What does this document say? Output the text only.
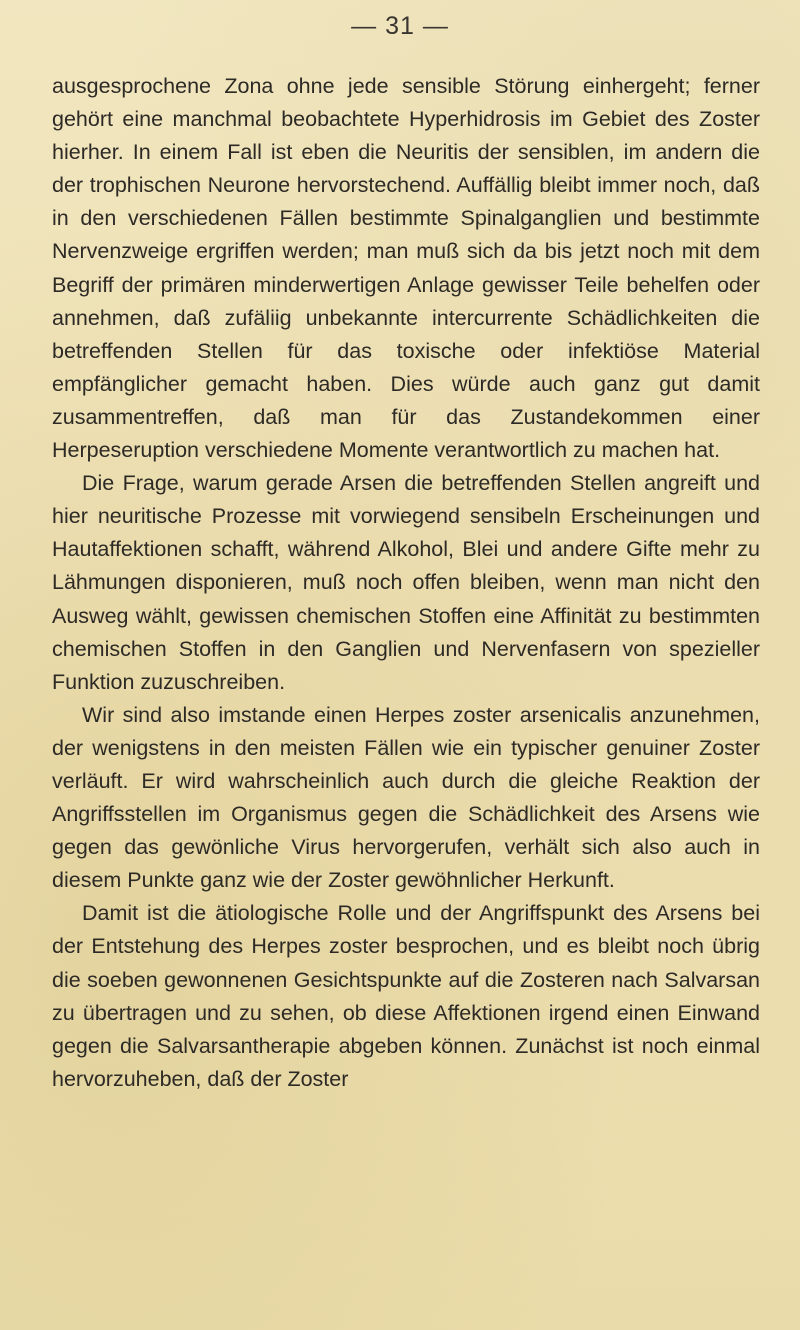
— 31 —

ausgesprochene Zona ohne jede sensible Störung einhergeht; ferner gehört eine manchmal beobachtete Hyperhidrosis im Gebiet des Zoster hierher. In einem Fall ist eben die Neuritis der sensiblen, im andern die der trophischen Neurone hervorstechend. Auffällig bleibt immer noch, daß in den verschiedenen Fällen bestimmte Spinalganglien und bestimmte Nervenzweige ergriffen werden; man muß sich da bis jetzt noch mit dem Begriff der primären minderwertigen Anlage gewisser Teile behelfen oder annehmen, daß zufäliig unbekannte intercurrente Schädlichkeiten die betreffenden Stellen für das toxische oder infektiöse Material empfänglicher gemacht haben. Dies würde auch ganz gut damit zusammentreffen, daß man für das Zustandekommen einer Herpeseruption verschiedene Momente verantwortlich zu machen hat.

Die Frage, warum gerade Arsen die betreffenden Stellen angreift und hier neuritische Prozesse mit vorwiegend sensibeln Erscheinungen und Hautaffektionen schafft, während Alkohol, Blei und andere Gifte mehr zu Lähmungen disponieren, muß noch offen bleiben, wenn man nicht den Ausweg wählt, gewissen chemischen Stoffen eine Affinität zu bestimmten chemischen Stoffen in den Ganglien und Nervenfasern von spezieller Funktion zuzuschreiben.

Wir sind also imstande einen Herpes zoster arsenicalis anzunehmen, der wenigstens in den meisten Fällen wie ein typischer genuiner Zoster verläuft. Er wird wahrscheinlich auch durch die gleiche Reaktion der Angriffsstellen im Organismus gegen die Schädlichkeit des Arsens wie gegen das gewönliche Virus hervorgerufen, verhält sich also auch in diesem Punkte ganz wie der Zoster gewöhnlicher Herkunft.

Damit ist die ätiologische Rolle und der Angriffspunkt des Arsens bei der Entstehung des Herpes zoster besprochen, und es bleibt noch übrig die soeben gewonnenen Gesichtspunkte auf die Zosteren nach Salvarsan zu übertragen und zu sehen, ob diese Affektionen irgend einen Einwand gegen die Salvarsantherapie abgeben können. Zunächst ist noch einmal hervorzuheben, daß der Zoster
